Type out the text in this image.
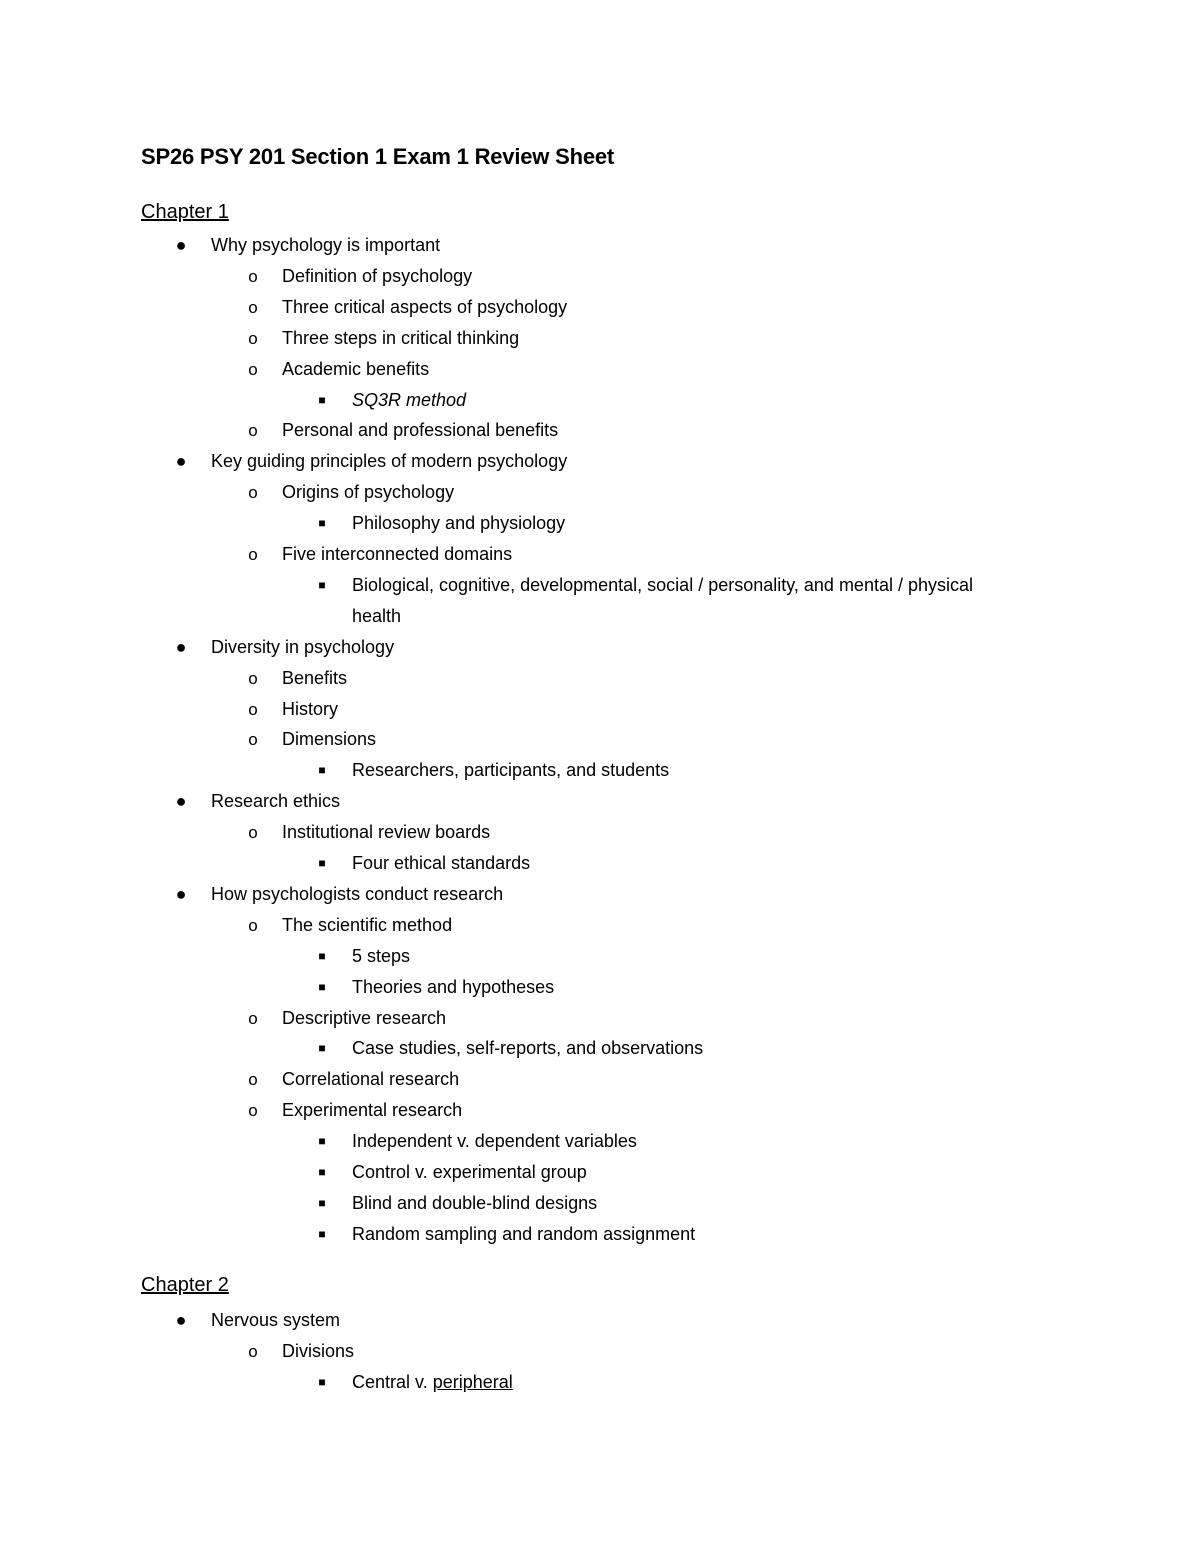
SP26 PSY 201 Section 1 Exam 1 Review Sheet
Chapter 1
● Why psychology is important
o Definition of psychology
o Three critical aspects of psychology
o Three steps in critical thinking
o Academic benefits
■	SQ3R method
o Personal and professional benefits
● Key guiding principles of modern psychology
o Origins of psychology
■	Philosophy and physiology
o Five interconnected domains
■	Biological, cognitive, developmental, social / personality, and mental / physical
health
● Diversity in psychology
o Benefits
o History
o Dimensions
■	Researchers, participants, and students
● Research ethics
o Institutional review boards
■	Four ethical standards
● How psychologists conduct research
o The scientific method
■	5 steps
■	Theories and hypotheses
o Descriptive research
■	Case studies, self-reports, and observations
o Correlational research
o Experimental research
■	Independent v. dependent variables
■	Control v. experimental group
■	Blind and double-blind designs
■	Random sampling and random assignment
Chapter 2
● Nervous system
o Divisions
■	Central v. peripheral
